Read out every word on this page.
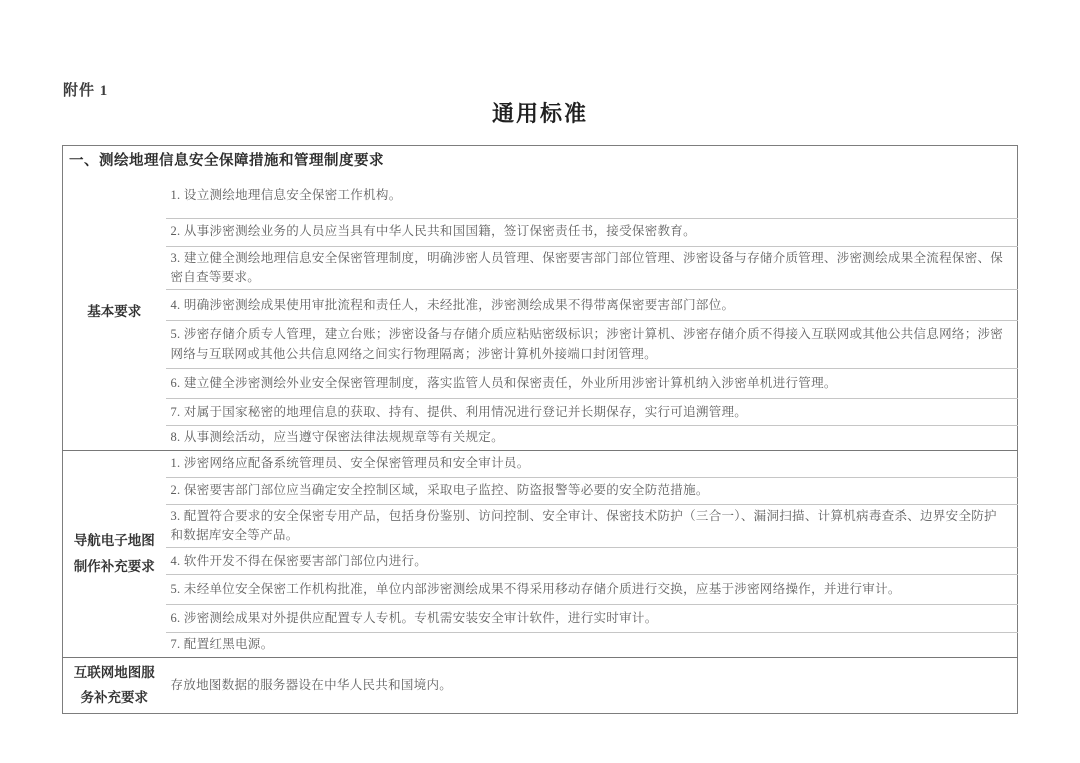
附件 1
通用标准
一、测绘地理信息安全保障措施和管理制度要求	
基本要求	1. 设立测绘地理信息安全保密工作机构。
	2. 从事涉密测绘业务的人员应当具有中华人民共和国国籍，签订保密责任书，接受保密教育。
	3. 建立健全测绘地理信息安全保密管理制度，明确涉密人员管理、保密要害部门部位管理、涉密设备与存储介质管理、涉密测绘成果全流程保密、保密自查等要求。
	4. 明确涉密测绘成果使用审批流程和责任人，未经批准，涉密测绘成果不得带离保密要害部门部位。
	5. 涉密存储介质专人管理，建立台账；涉密设备与存储介质应粘贴密级标识；涉密计算机、涉密存储介质不得接入互联网或其他公共信息网络；涉密网络与互联网或其他公共信息网络之间实行物理隔离；涉密计算机外接端口封闭管理。
	6. 建立健全涉密测绘外业安全保密管理制度，落实监管人员和保密责任，外业所用涉密计算机纳入涉密单机进行管理。
	7. 对属于国家秘密的地理信息的获取、持有、提供、利用情况进行登记并长期保存，实行可追溯管理。
	8. 从事测绘活动，应当遵守保密法律法规规章等有关规定。
导航电子地图制作补充要求	1. 涉密网络应配备系统管理员、安全保密管理员和安全审计员。
	2. 保密要害部门部位应当确定安全控制区域，采取电子监控、防盗报警等必要的安全防范措施。
	3. 配置符合要求的安全保密专用产品，包括身份鉴别、访问控制、安全审计、保密技术防护（三合一）、漏洞扫描、计算机病毒查杀、边界安全防护和数据库安全等产品。
	4. 软件开发不得在保密要害部门部位内进行。
	5. 未经单位安全保密工作机构批准，单位内部涉密测绘成果不得采用移动存储介质进行交换，应基于涉密网络操作，并进行审计。
	6. 涉密测绘成果对外提供应配置专人专机。专机需安装安全审计软件，进行实时审计。
	7. 配置红黑电源。
互联网地图服务补充要求	存放地图数据的服务器设在中华人民共和国境内。
